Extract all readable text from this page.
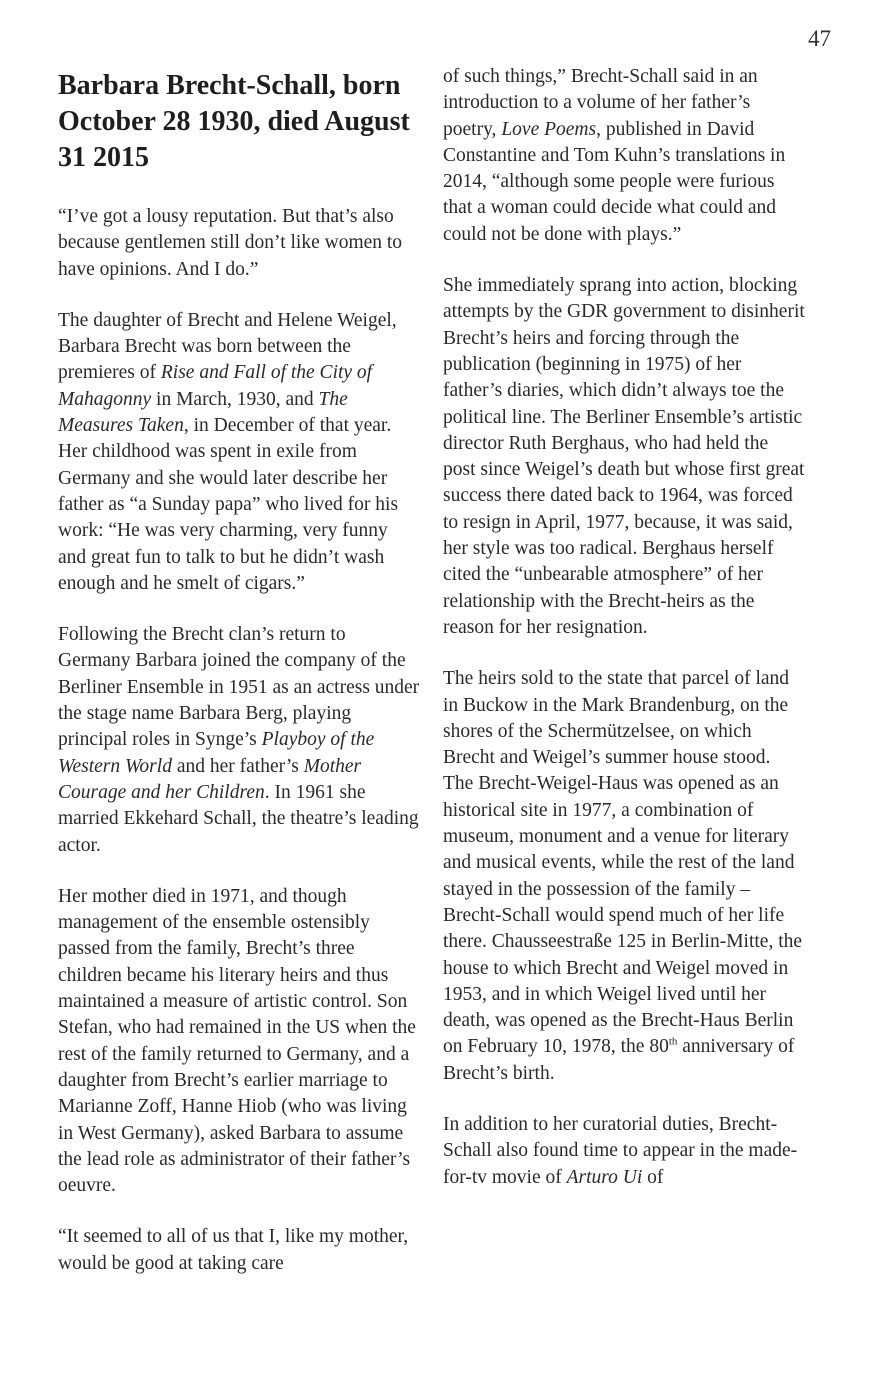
47
Barbara Brecht-Schall, born October 28 1930, died August 31 2015

“I’ve got a lousy reputation. But that’s also because gentlemen still don’t like women to have opinions. And I do.”

The daughter of Brecht and Helene Weigel, Barbara Brecht was born between the premieres of Rise and Fall of the City of Mahagonny in March, 1930, and The Measures Taken, in December of that year. Her childhood was spent in exile from Germany and she would later describe her father as “a Sunday papa” who lived for his work: “He was very charming, very funny and great fun to talk to but he didn’t wash enough and he smelt of cigars.”

Following the Brecht clan’s return to Germany Barbara joined the company of the Berliner Ensemble in 1951 as an actress under the stage name Barbara Berg, playing principal roles in Synge’s Playboy of the Western World and her father’s Mother Courage and her Children. In 1961 she married Ekkehard Schall, the theatre’s leading actor.

Her mother died in 1971, and though management of the ensemble ostensibly passed from the family, Brecht’s three children became his literary heirs and thus maintained a measure of artistic control. Son Stefan, who had remained in the US when the rest of the family returned to Germany, and a daughter from Brecht’s earlier marriage to Marianne Zoff, Hanne Hiob (who was living in West Germany), asked Barbara to assume the lead role as administrator of their father’s oeuvre.

“It seemed to all of us that I, like my mother, would be good at taking care

of such things,” Brecht-Schall said in an introduction to a volume of her father’s poetry, Love Poems, published in David Constantine and Tom Kuhn’s translations in 2014, “although some people were furious that a woman could decide what could and could not be done with plays.”

She immediately sprang into action, blocking attempts by the GDR government to disinherit Brecht’s heirs and forcing through the publication (beginning in 1975) of her father’s diaries, which didn’t always toe the political line. The Berliner Ensemble’s artistic director Ruth Berghaus, who had held the post since Weigel’s death but whose first great success there dated back to 1964, was forced to resign in April, 1977, because, it was said, her style was too radical. Berghaus herself cited the “unbearable atmosphere” of her relationship with the Brecht-heirs as the reason for her resignation.

The heirs sold to the state that parcel of land in Buckow in the Mark Brandenburg, on the shores of the Schermützelsee, on which Brecht and Weigel’s summer house stood. The Brecht-Weigel-Haus was opened as an historical site in 1977, a combination of museum, monument and a venue for literary and musical events, while the rest of the land stayed in the possession of the family – Brecht-Schall would spend much of her life there. Chausseestraße 125 in Berlin-Mitte, the house to which Brecht and Weigel moved in 1953, and in which Weigel lived until her death, was opened as the Brecht-Haus Berlin on February 10, 1978, the 80th anniversary of Brecht’s birth.

In addition to her curatorial duties, Brecht-Schall also found time to appear in the made-for-tv movie of Arturo Ui of
